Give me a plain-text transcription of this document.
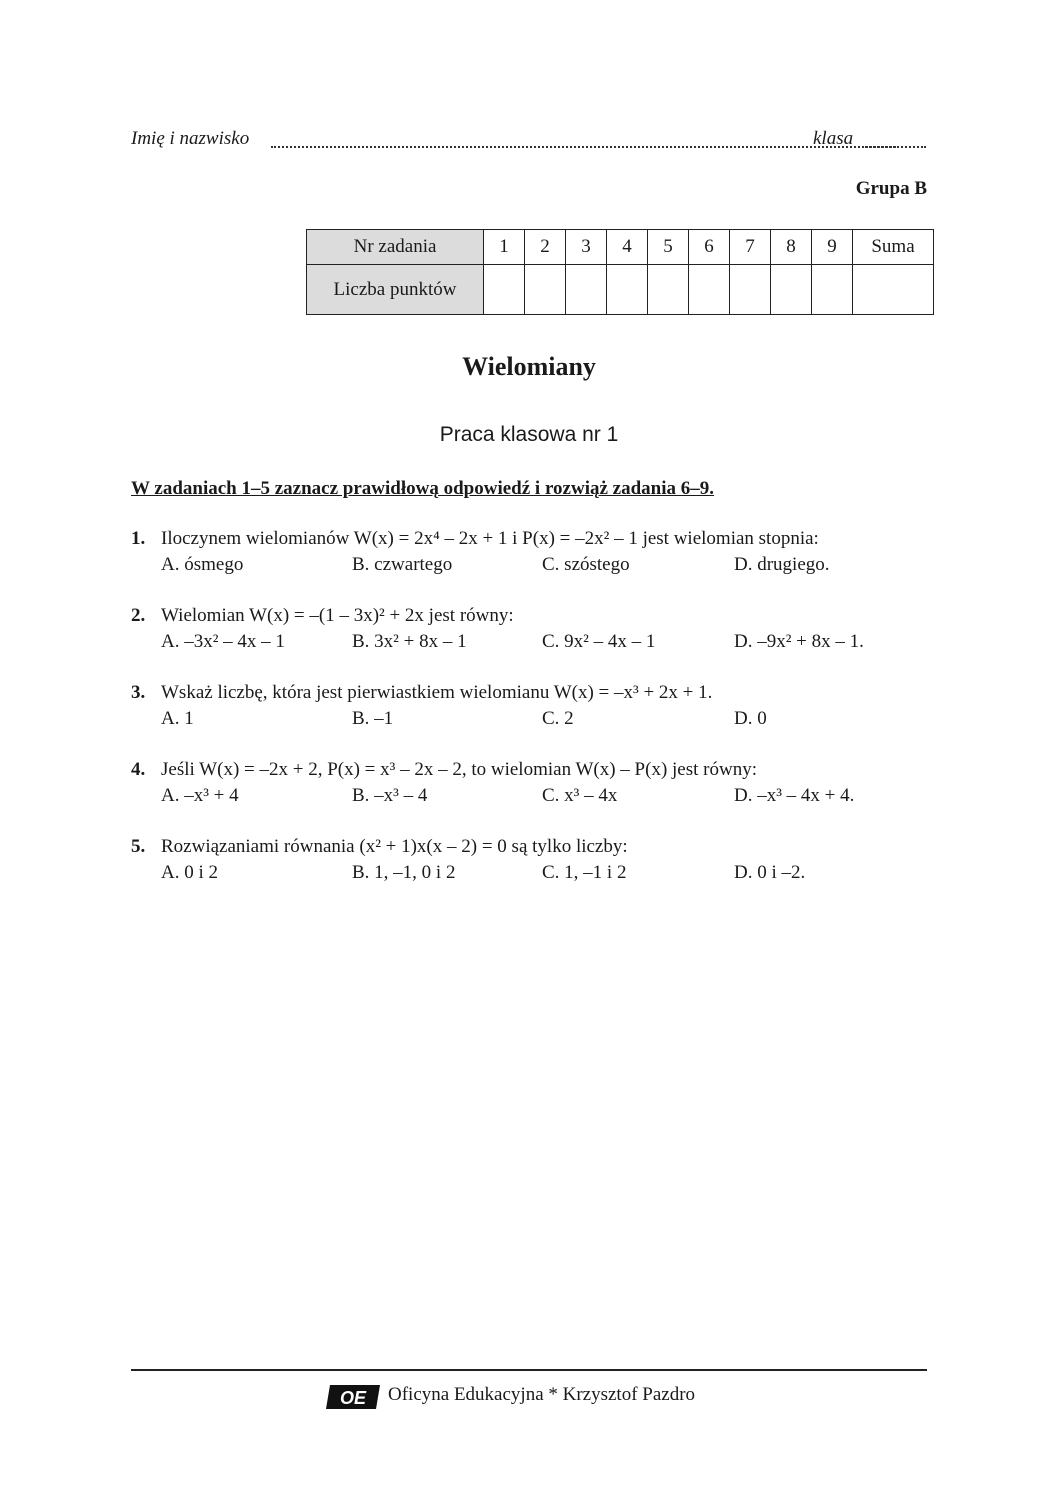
Imię i nazwisko	klasa
Grupa B
Nr zadania	1	2	3	4	5	6	7	8	9	Suma
Liczba punktów										
Wielomiany
Praca klasowa nr 1
W zadaniach 1–5 zaznacz prawidłową odpowiedź i rozwiąż zadania 6–9.
1. Iloczynem wielomianów W(x) = 2x⁴ – 2x + 1 i P(x) = –2x² – 1 jest wielomian stopnia:
A. ósmego	B. czwartego	C. szóstego	D. drugiego.
2. Wielomian W(x) = –(1 – 3x)² + 2x jest równy:
A. –3x² – 4x – 1	B. 3x² + 8x – 1	C. 9x² – 4x – 1	D. –9x² + 8x – 1.
3. Wskaż liczbę, która jest pierwiastkiem wielomianu W(x) = –x³ + 2x + 1.
A. 1	B. –1	C. 2	D. 0
4. Jeśli W(x) = –2x + 2, P(x) = x³ – 2x – 2, to wielomian W(x) – P(x) jest równy:
A. –x³ + 4	B. –x³ – 4	C. x³ – 4x	D. –x³ – 4x + 4.
5. Rozwiązaniami równania (x² + 1)x(x – 2) = 0 są tylko liczby:
A. 0 i 2	B. 1, –1, 0 i 2	C. 1, –1 i 2	D. 0 i –2.
OE Oficyna Edukacyjna * Krzysztof Pazdro
